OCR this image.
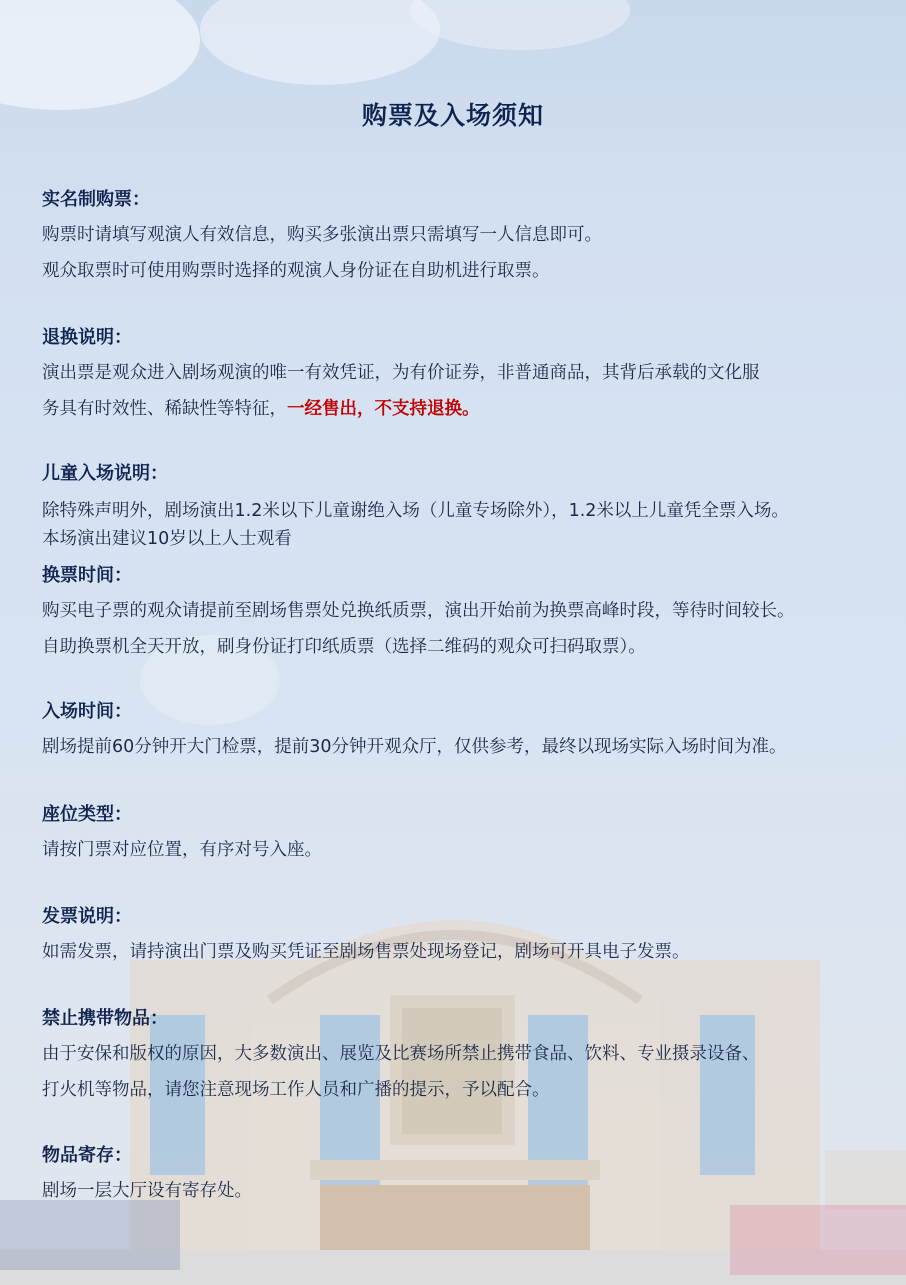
购票及入场须知
实名制购票：
购票时请填写观演人有效信息，购买多张演出票只需填写一人信息即可。
观众取票时可使用购票时选择的观演人身份证在自助机进行取票。
退换说明：
演出票是观众进入剧场观演的唯一有效凭证，为有价证券，非普通商品，其背后承载的文化服
务具有时效性、稀缺性等特征，一经售出，不支持退换。
儿童入场说明：
除特殊声明外，剧场演出1.2米以下儿童谢绝入场（儿童专场除外），1.2米以上儿童凭全票入场。
本场演出建议10岁以上人士观看
换票时间：
购买电子票的观众请提前至剧场售票处兑换纸质票，演出开始前为换票高峰时段，等待时间较长。
自助换票机全天开放，刷身份证打印纸质票（选择二维码的观众可扫码取票）。
入场时间：
剧场提前60分钟开大门检票，提前30分钟开观众厅，仅供参考，最终以现场实际入场时间为准。
座位类型：
请按门票对应位置，有序对号入座。
发票说明：
如需发票，请持演出门票及购买凭证至剧场售票处现场登记，剧场可开具电子发票。
禁止携带物品：
由于安保和版权的原因，大多数演出、展览及比赛场所禁止携带食品、饮料、专业摄录设备、
打火机等物品，请您注意现场工作人员和广播的提示，予以配合。
物品寄存：
剧场一层大厅设有寄存处。
